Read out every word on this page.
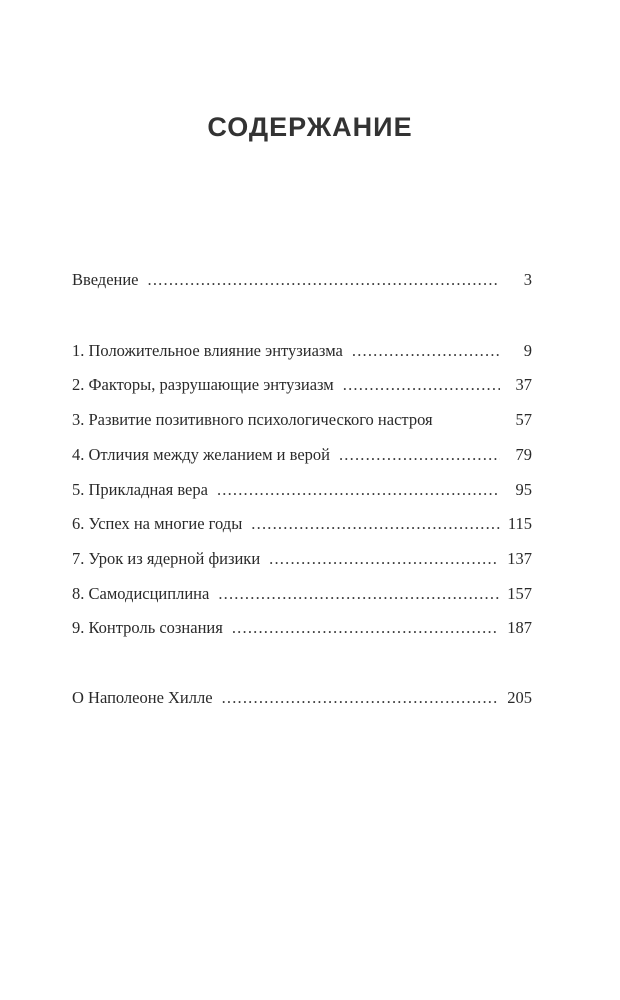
СОДЕРЖАНИЕ
Введение .....	3
1. Положительное влияние энтузиазма .....	9
2. Факторы, разрушающие энтузиазм .....	37
3. Развитие позитивного психологического настроя	57
4. Отличия между желанием и верой .....	79
5. Прикладная вера .....	95
6. Успех на многие годы .....	115
7. Урок из ядерной физики .....	137
8. Самодисциплина .....	157
9. Контроль сознания .....	187
О Наполеоне Хилле .....	205
